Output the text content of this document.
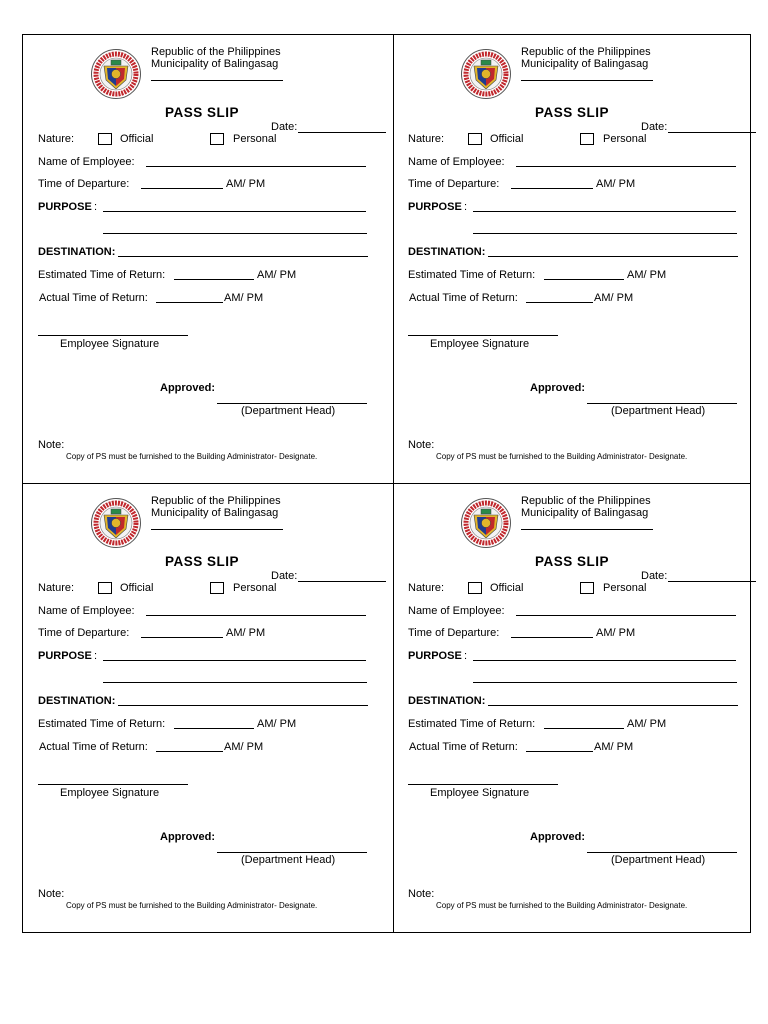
Republic of the Philippines
Municipality of Balingasag
PASS SLIP
Date:
Nature:	Official	Personal
Name of Employee:
Time of Departure:	AM/ PM
PURPOSE :
DESTINATION:
Estimated Time of Return:	AM/ PM
Actual Time of Return:	AM/ PM
Employee Signature
Approved:
(Department Head)
Note:
Copy of PS must be furnished to the Building Administrator- Designate.
Republic of the Philippines
Municipality of Balingasag
PASS SLIP
Date:
Nature:	Official	Personal
Name of Employee:
Time of Departure:	AM/ PM
PURPOSE :
DESTINATION:
Estimated Time of Return:	AM/ PM
Actual Time of Return:	AM/ PM
Employee Signature
Approved:
(Department Head)
Note:
Copy of PS must be furnished to the Building Administrator- Designate.
Republic of the Philippines
Municipality of Balingasag
PASS SLIP
Date:
Nature:	Official	Personal
Name of Employee:
Time of Departure:	AM/ PM
PURPOSE :
DESTINATION:
Estimated Time of Return:	AM/ PM
Actual Time of Return:	AM/ PM
Employee Signature
Approved:
(Department Head)
Note:
Copy of PS must be furnished to the Building Administrator- Designate.
Republic of the Philippines
Municipality of Balingasag
PASS SLIP
Date:
Nature:	Official	Personal
Name of Employee:
Time of Departure:	AM/ PM
PURPOSE :
DESTINATION:
Estimated Time of Return:	AM/ PM
Actual Time of Return:	AM/ PM
Employee Signature
Approved:
(Department Head)
Note:
Copy of PS must be furnished to the Building Administrator- Designate.
